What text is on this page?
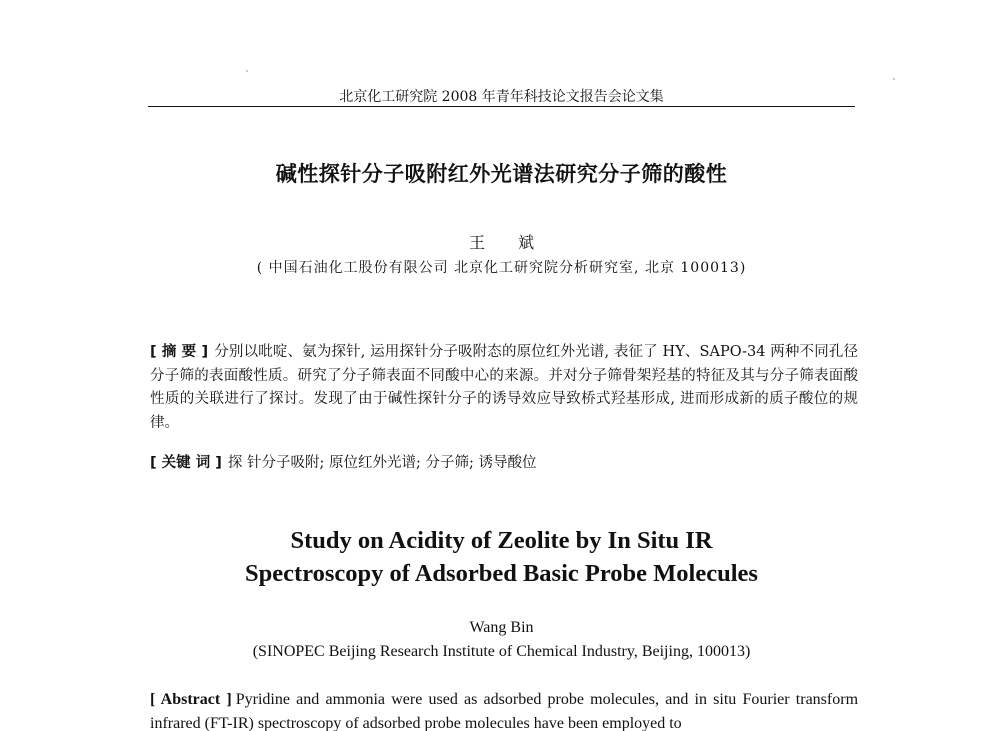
北京化工研究院 2008 年青年科技论文报告会论文集
碱性探针分子吸附红外光谱法研究分子筛的酸性
王 斌
( 中国石油化工股份有限公司 北京化工研究院分析研究室, 北京 100013)
[ 摘 要 ] 分别以吡啶、氨为探针, 运用探针分子吸附态的原位红外光谱, 表征了 HY、SAPO-34 两种不同孔径分子筛的表面酸性质。研究了分子筛表面不同酸中心的来源。并对分子筛骨架羟基的特征及其与分子筛表面酸性质的关联进行了探讨。发现了由于碱性探针分子的诱导效应导致桥式羟基形成, 进而形成新的质子酸位的规律。
[ 关键 词 ] 探 针分子吸附; 原位红外光谱; 分子筛; 诱导酸位
Study on Acidity of Zeolite by In Situ IR
Spectroscopy of Adsorbed Basic Probe Molecules
Wang Bin
(SINOPEC Beijing Research Institute of Chemical Industry, Beijing, 100013)
[ Abstract ] Pyridine and ammonia were used as adsorbed probe molecules, and in situ Fourier transform infrared (FT-IR) spectroscopy of adsorbed probe molecules have been employed to
